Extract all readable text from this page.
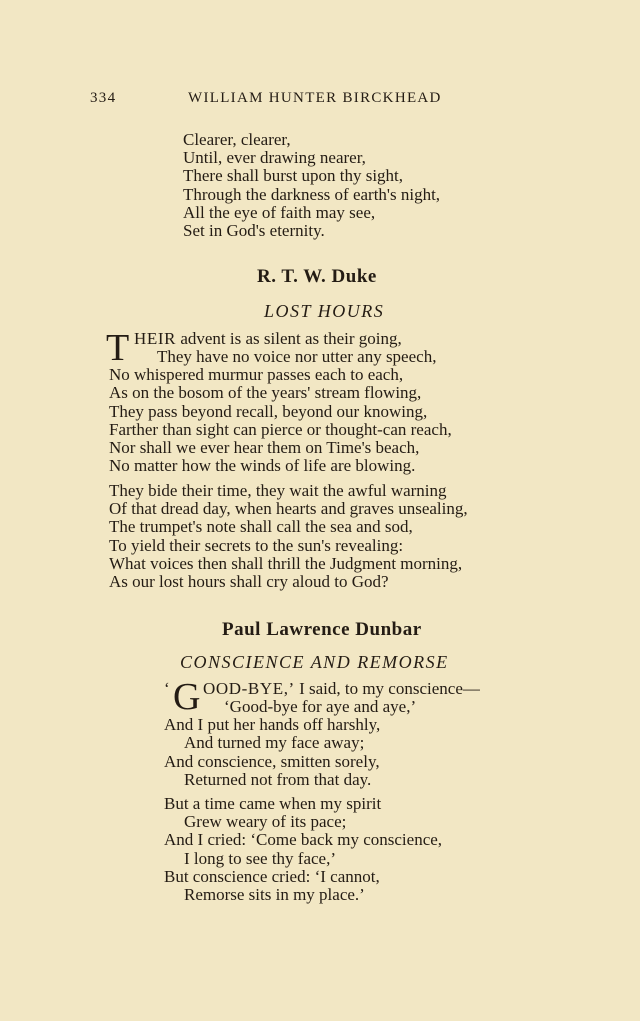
334	WILLIAM HUNTER BIRCKHEAD
Clearer, clearer,
Until, ever drawing nearer,
There shall burst upon thy sight,
Through the darkness of earth's night,
All the eye of faith may see,
Set in God's eternity.
R. T. W. Duke
LOST HOURS
T HEIR advent is as silent as their going,
They have no voice nor utter any speech,
No whispered murmur passes each to each,
As on the bosom of the years' stream flowing,
They pass beyond recall, beyond our knowing,
Farther than sight can pierce or thought-can reach,
Nor shall we ever hear them on Time's beach,
No matter how the winds of life are blowing.
They bide their time, they wait the awful warning
Of that dread day, when hearts and graves unsealing,
The trumpet's note shall call the sea and sod,
To yield their secrets to the sun's revealing:
What voices then shall thrill the Judgment morning,
As our lost hours shall cry aloud to God?
Paul Lawrence Dunbar
CONSCIENCE AND REMORSE
‘ G OOD-BYE,’ I said, to my conscience—
‘Good-bye for aye and aye,’
And I put her hands off harshly,
And turned my face away;
And conscience, smitten sorely,
Returned not from that day.
But a time came when my spirit
Grew weary of its pace;
And I cried: ‘Come back my conscience,
I long to see thy face,’
But conscience cried: ‘I cannot,
Remorse sits in my place.’
